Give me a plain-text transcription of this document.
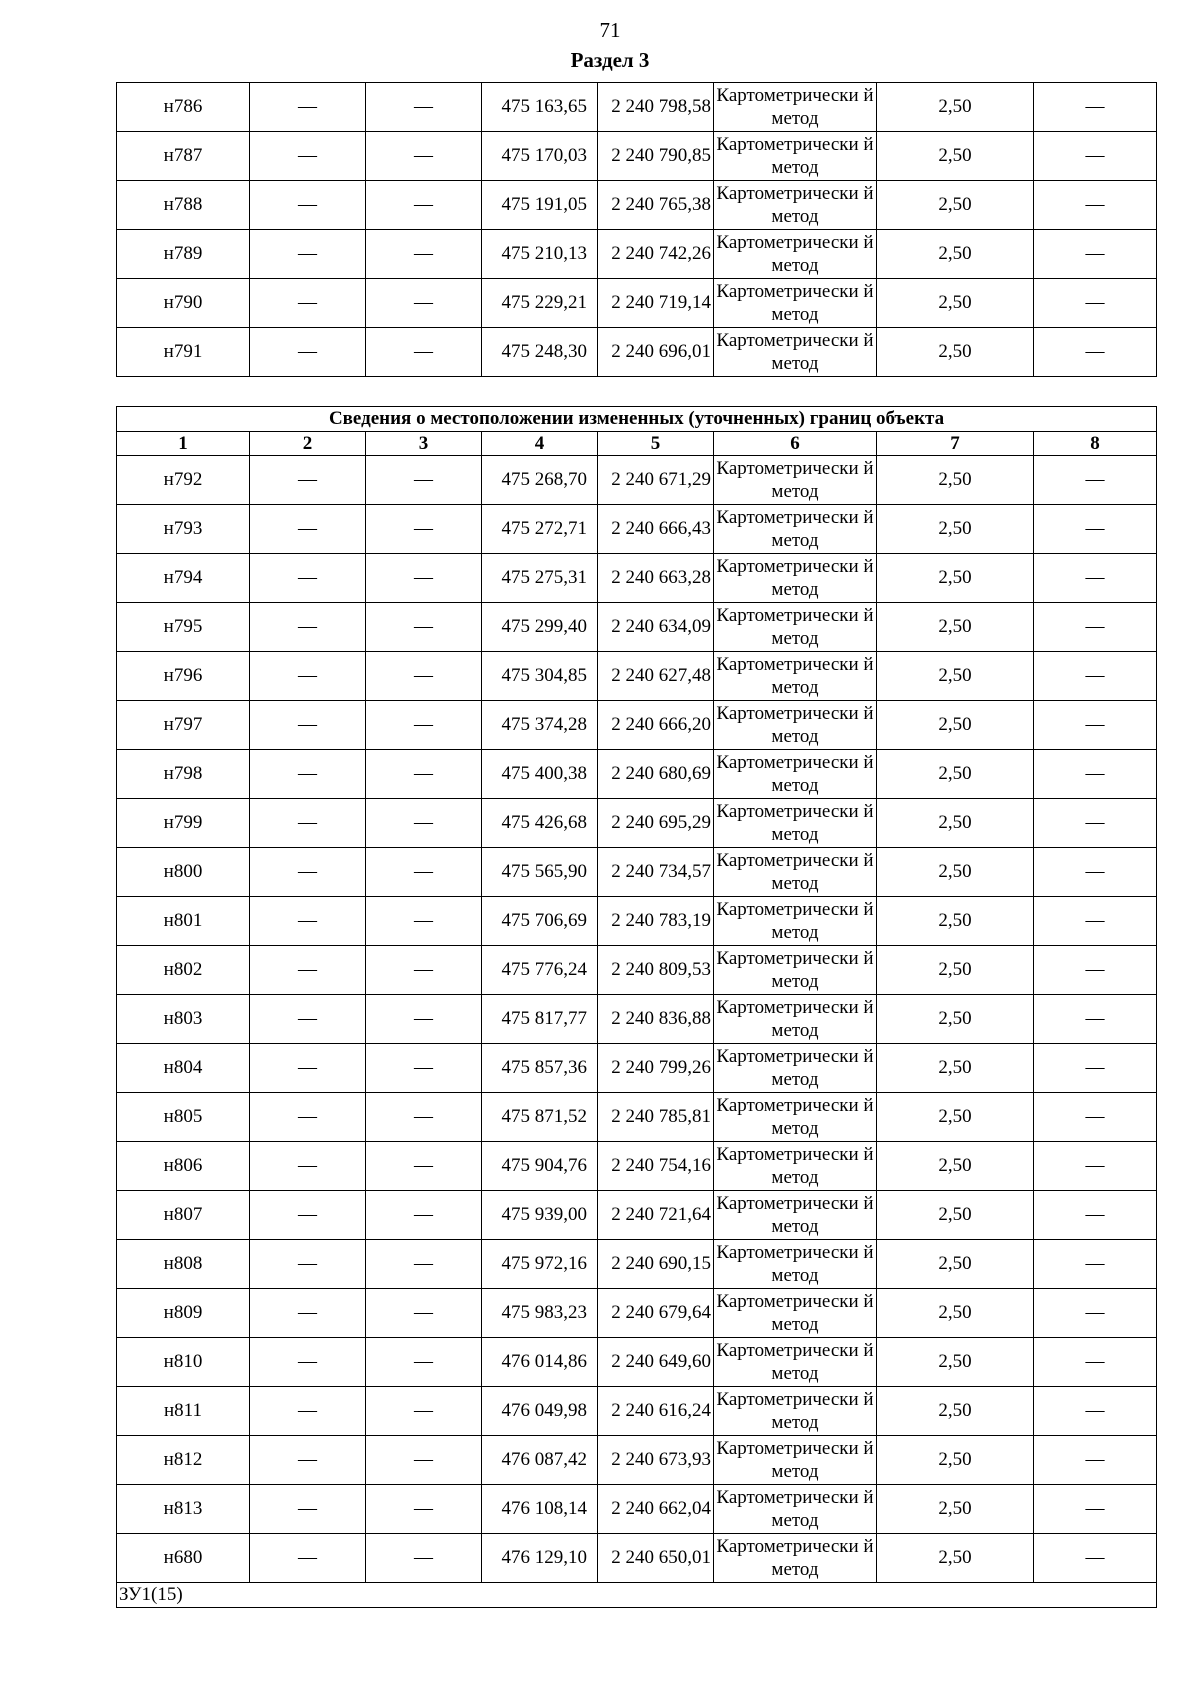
71
Раздел 3
н786	—	—	475 163,65	2 240 798,58	Картометрически й метод	2,50	—
н787	—	—	475 170,03	2 240 790,85	Картометрически й метод	2,50	—
н788	—	—	475 191,05	2 240 765,38	Картометрически й метод	2,50	—
н789	—	—	475 210,13	2 240 742,26	Картометрически й метод	2,50	—
н790	—	—	475 229,21	2 240 719,14	Картометрически й метод	2,50	—
н791	—	—	475 248,30	2 240 696,01	Картометрически й метод	2,50	—
Сведения о местоположении измененных (уточненных) границ объекта							
1	2	3	4	5	6	7	8
н792	—	—	475 268,70	2 240 671,29	Картометрически й метод	2,50	—
н793	—	—	475 272,71	2 240 666,43	Картометрически й метод	2,50	—
н794	—	—	475 275,31	2 240 663,28	Картометрически й метод	2,50	—
н795	—	—	475 299,40	2 240 634,09	Картометрически й метод	2,50	—
н796	—	—	475 304,85	2 240 627,48	Картометрически й метод	2,50	—
н797	—	—	475 374,28	2 240 666,20	Картометрически й метод	2,50	—
н798	—	—	475 400,38	2 240 680,69	Картометрически й метод	2,50	—
н799	—	—	475 426,68	2 240 695,29	Картометрически й метод	2,50	—
н800	—	—	475 565,90	2 240 734,57	Картометрически й метод	2,50	—
н801	—	—	475 706,69	2 240 783,19	Картометрически й метод	2,50	—
н802	—	—	475 776,24	2 240 809,53	Картометрически й метод	2,50	—
н803	—	—	475 817,77	2 240 836,88	Картометрически й метод	2,50	—
н804	—	—	475 857,36	2 240 799,26	Картометрически й метод	2,50	—
н805	—	—	475 871,52	2 240 785,81	Картометрически й метод	2,50	—
н806	—	—	475 904,76	2 240 754,16	Картометрически й метод	2,50	—
н807	—	—	475 939,00	2 240 721,64	Картометрически й метод	2,50	—
н808	—	—	475 972,16	2 240 690,15	Картометрически й метод	2,50	—
н809	—	—	475 983,23	2 240 679,64	Картометрически й метод	2,50	—
н810	—	—	476 014,86	2 240 649,60	Картометрически й метод	2,50	—
н811	—	—	476 049,98	2 240 616,24	Картометрически й метод	2,50	—
н812	—	—	476 087,42	2 240 673,93	Картометрически й метод	2,50	—
н813	—	—	476 108,14	2 240 662,04	Картометрически й метод	2,50	—
н680	—	—	476 129,10	2 240 650,01	Картометрически й метод	2,50	—
ЗУ1(15)							
